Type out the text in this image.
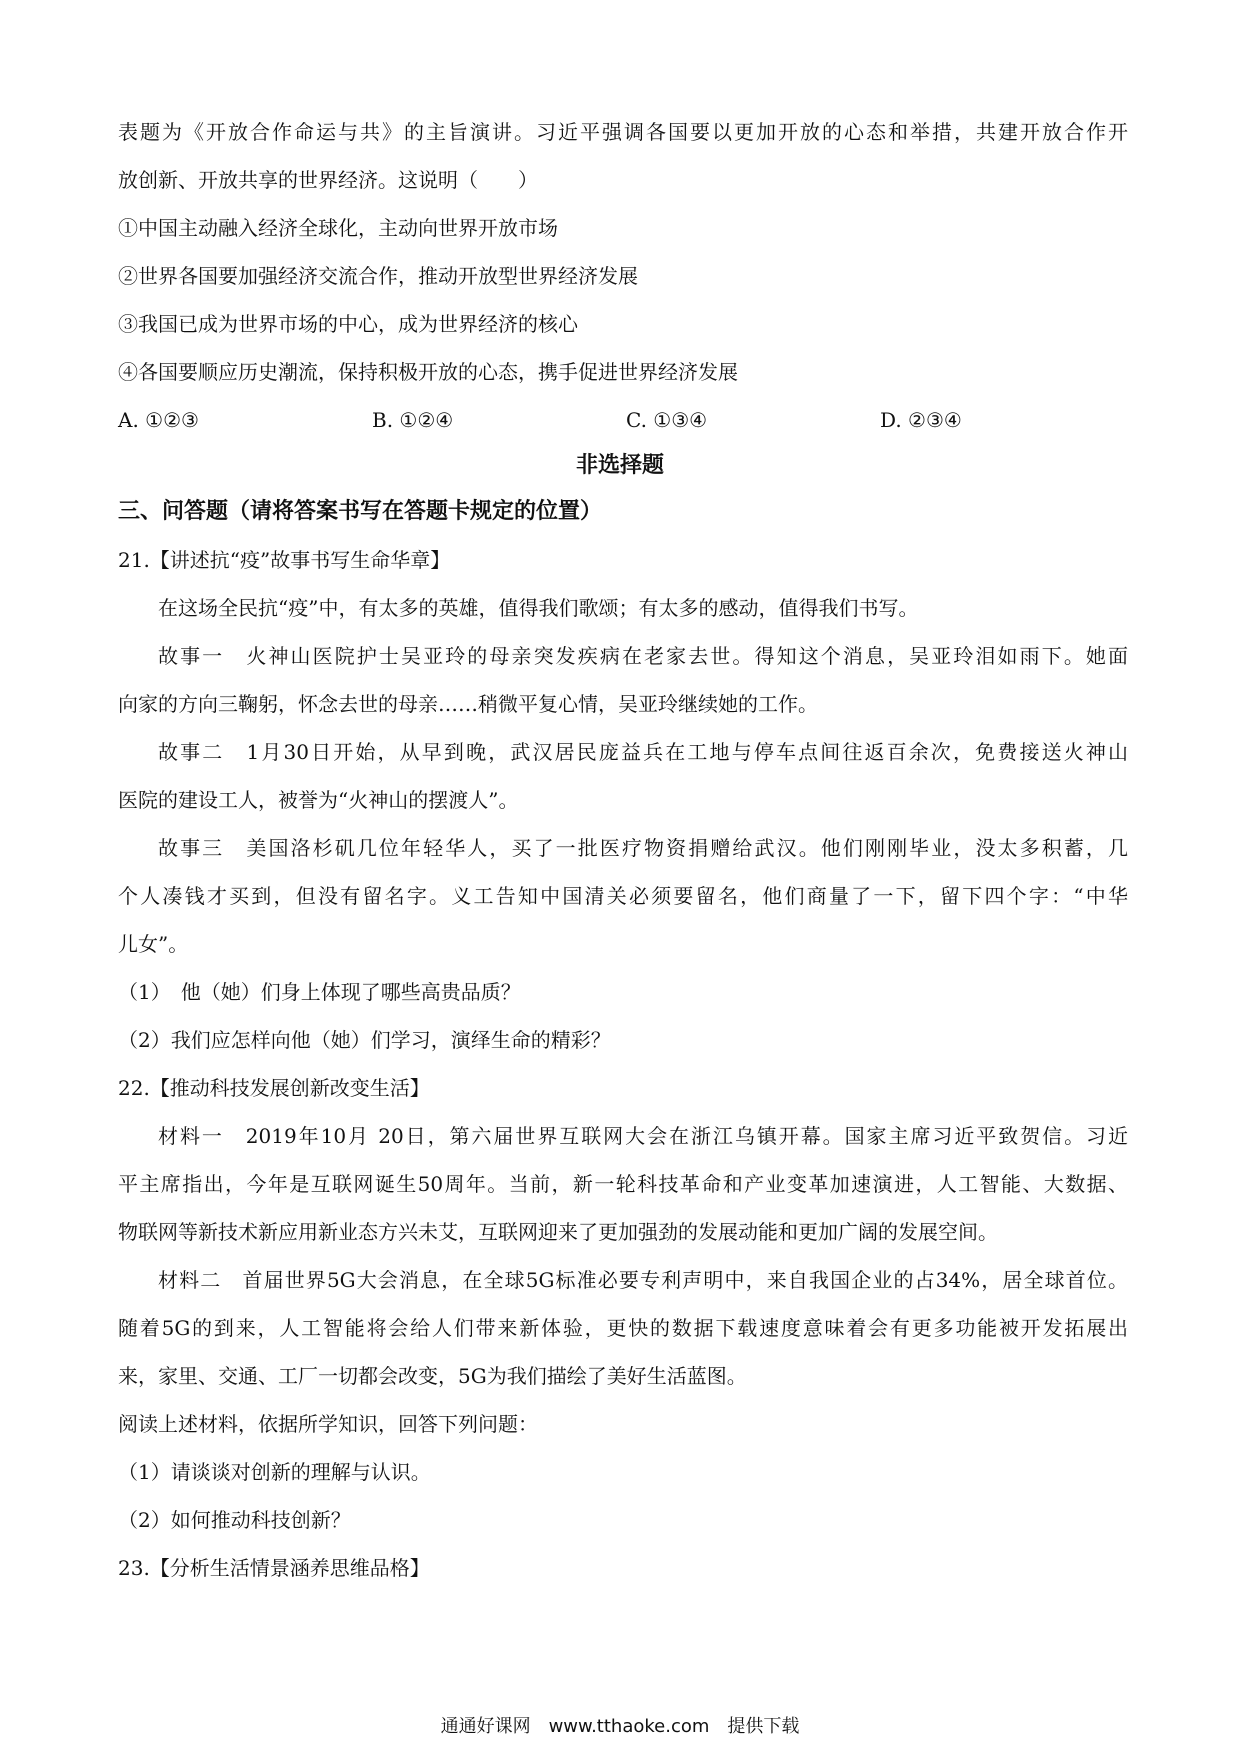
表题为《开放合作命运与共》的主旨演讲。习近平强调各国要以更加开放的心态和举措，共建开放合作开
放创新、开放共享的世界经济。这说明（　　）
①中国主动融入经济全球化，主动向世界开放市场
②世界各国要加强经济交流合作，推动开放型世界经济发展
③我国已成为世界市场的中心，成为世界经济的核心
④各国要顺应历史潮流，保持积极开放的心态，携手促进世界经济发展
A. ①②③	B. ①②④	C. ①③④	D. ②③④
非选择题
三、问答题（请将答案书写在答题卡规定的位置）
21.【讲述抗“疫”故事书写生命华章】
在这场全民抗“疫”中，有太多的英雄，值得我们歌颂；有太多的感动，值得我们书写。
故事一　火神山医院护士吴亚玲的母亲突发疾病在老家去世。得知这个消息，吴亚玲泪如雨下。她面
向家的方向三鞠躬，怀念去世的母亲……稍微平复心情，吴亚玲继续她的工作。
故事二　1月30日开始，从早到晚，武汉居民庞益兵在工地与停车点间往返百余次，免费接送火神山
医院的建设工人，被誉为“火神山的摆渡人”。
故事三　美国洛杉矶几位年轻华人，买了一批医疗物资捐赠给武汉。他们刚刚毕业，没太多积蓄，几
个人凑钱才买到，但没有留名字。义工告知中国清关必须要留名，他们商量了一下，留下四个字：“中华
儿女”。
（1）　他（她）们身上体现了哪些高贵品质？
（2）我们应怎样向他（她）们学习，演绎生命的精彩？
22.【推动科技发展创新改变生活】
材料一　2019年10月 20日，第六届世界互联网大会在浙江乌镇开幕。国家主席习近平致贺信。习近
平主席指出，今年是互联网诞生50周年。当前，新一轮科技革命和产业变革加速演进，人工智能、大数据、
物联网等新技术新应用新业态方兴未艾，互联网迎来了更加强劲的发展动能和更加广阔的发展空间。
材料二　首届世界5G大会消息，在全球5G标准必要专利声明中，来自我国企业的占34%，居全球首位。
随着5G的到来，人工智能将会给人们带来新体验，更快的数据下载速度意味着会有更多功能被开发拓展出
来，家里、交通、工厂一切都会改变，5G为我们描绘了美好生活蓝图。
阅读上述材料，依据所学知识，回答下列问题：
（1）请谈谈对创新的理解与认识。
（2）如何推动科技创新？
23.【分析生活情景涵养思维品格】
通通好课网　www.tthaoke.com　提供下载
